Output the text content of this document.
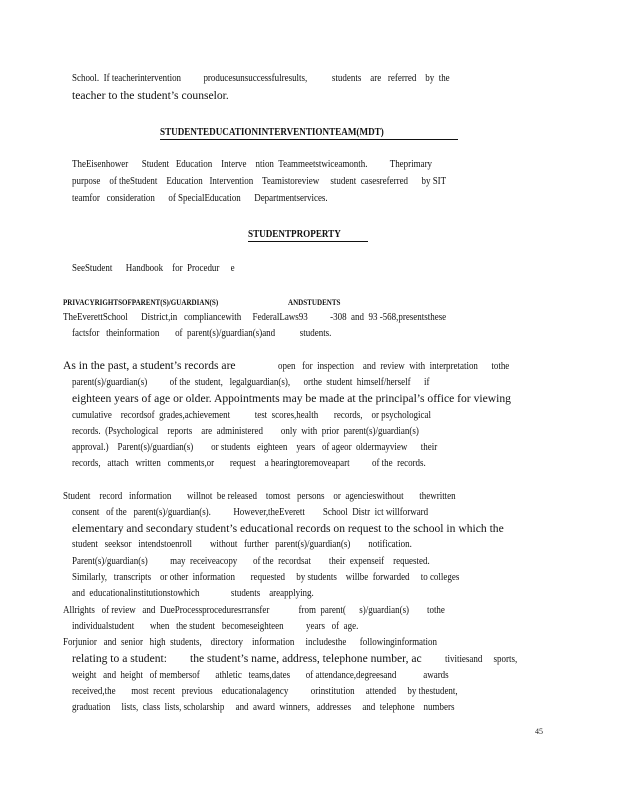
School.  If teacherintervention          producesunsuccessfulresults,           students    are   referred    by  the
teacher to the student’s counselor.
STUDENTEDUCATIONINTERVENTIONTEAM(MDT)
TheEisenhower      Student   Education    Interve    ntion  Teammeetstwiceamonth.          Theprimary
purpose    of theStudent    Education   Intervention    Teamistoreview     student  casesreferred      by SIT
teamfor   consideration      of SpecialEducation      Departmentservices.
STUDENTPROPERTY
SeeStudent      Handbook    for  Procedur     e
PRIVACYRIGHTSOFPARENT(S)/GUARDIAN(S)	ANDSTUDENTS
TheEverettSchool      District,in   compliancewith     FederalLaws93          -308  and  93 -568,presentsthese
factsfor   theinformation       of  parent(s)/guardian(s)and           students.
As in the past, a student’s records are	open   for  inspection    and  review  with  interpretation      tothe
parent(s)/guardian(s)          of the  student,   legalguardian(s),      orthe  student  himself/herself      if
eighteen years of age or older. Appointments may be made at the principal’s office for viewing
cumulative    recordsof  grades,achievement           test  scores,health       records,    or psychological
records.  (Psychological    reports    are  administered        only  with  prior  parent(s)/guardian(s)
approval.)    Parent(s)/guardian(s)        or students   eighteen    years   of ageor  oldermayview      their
records,   attach   written   comments,or       request    a hearingtoremoveapart          of the  records.
Student    record   information       willnot  be released    tomost   persons    or  agencieswithout       thewritten
consent   of the   parent(s)/guardian(s).          However,theEverett        School  Distr  ict willforward
elementary and secondary student’s educational records on request to the school in which the
student   seeksor   intendstoenroll        without   further   parent(s)/guardian(s)        notification.
Parent(s)/guardian(s)          may  receiveacopy       of the  recordsat        their  expenseif    requested.
Similarly,   transcripts    or other  information       requested     by students    willbe  forwarded     to colleges
and  educationalinstitutionstowhich              students    areapplying.
Allrights   of review   and  DueProcessproceduresrransfer             from  parent(      s)/guardian(s)        tothe
individualstudent       when   the student   becomeseighteen          years   of  age.
Forjunior   and  senior   high  students,    directory    information     includesthe      followinginformation
relating to a student: the student’s name, address, telephone number, ac tivitiesand     sports,
weight   and  height   of membersof       athletic   teams,dates       of attendance,degreesand            awards
received,the       most  recent   previous    educationalagency          orinstitution     attended     by thestudent,
graduation     lists,  class  lists, scholarship     and  award  winners,   addresses     and  telephone    numbers
45
